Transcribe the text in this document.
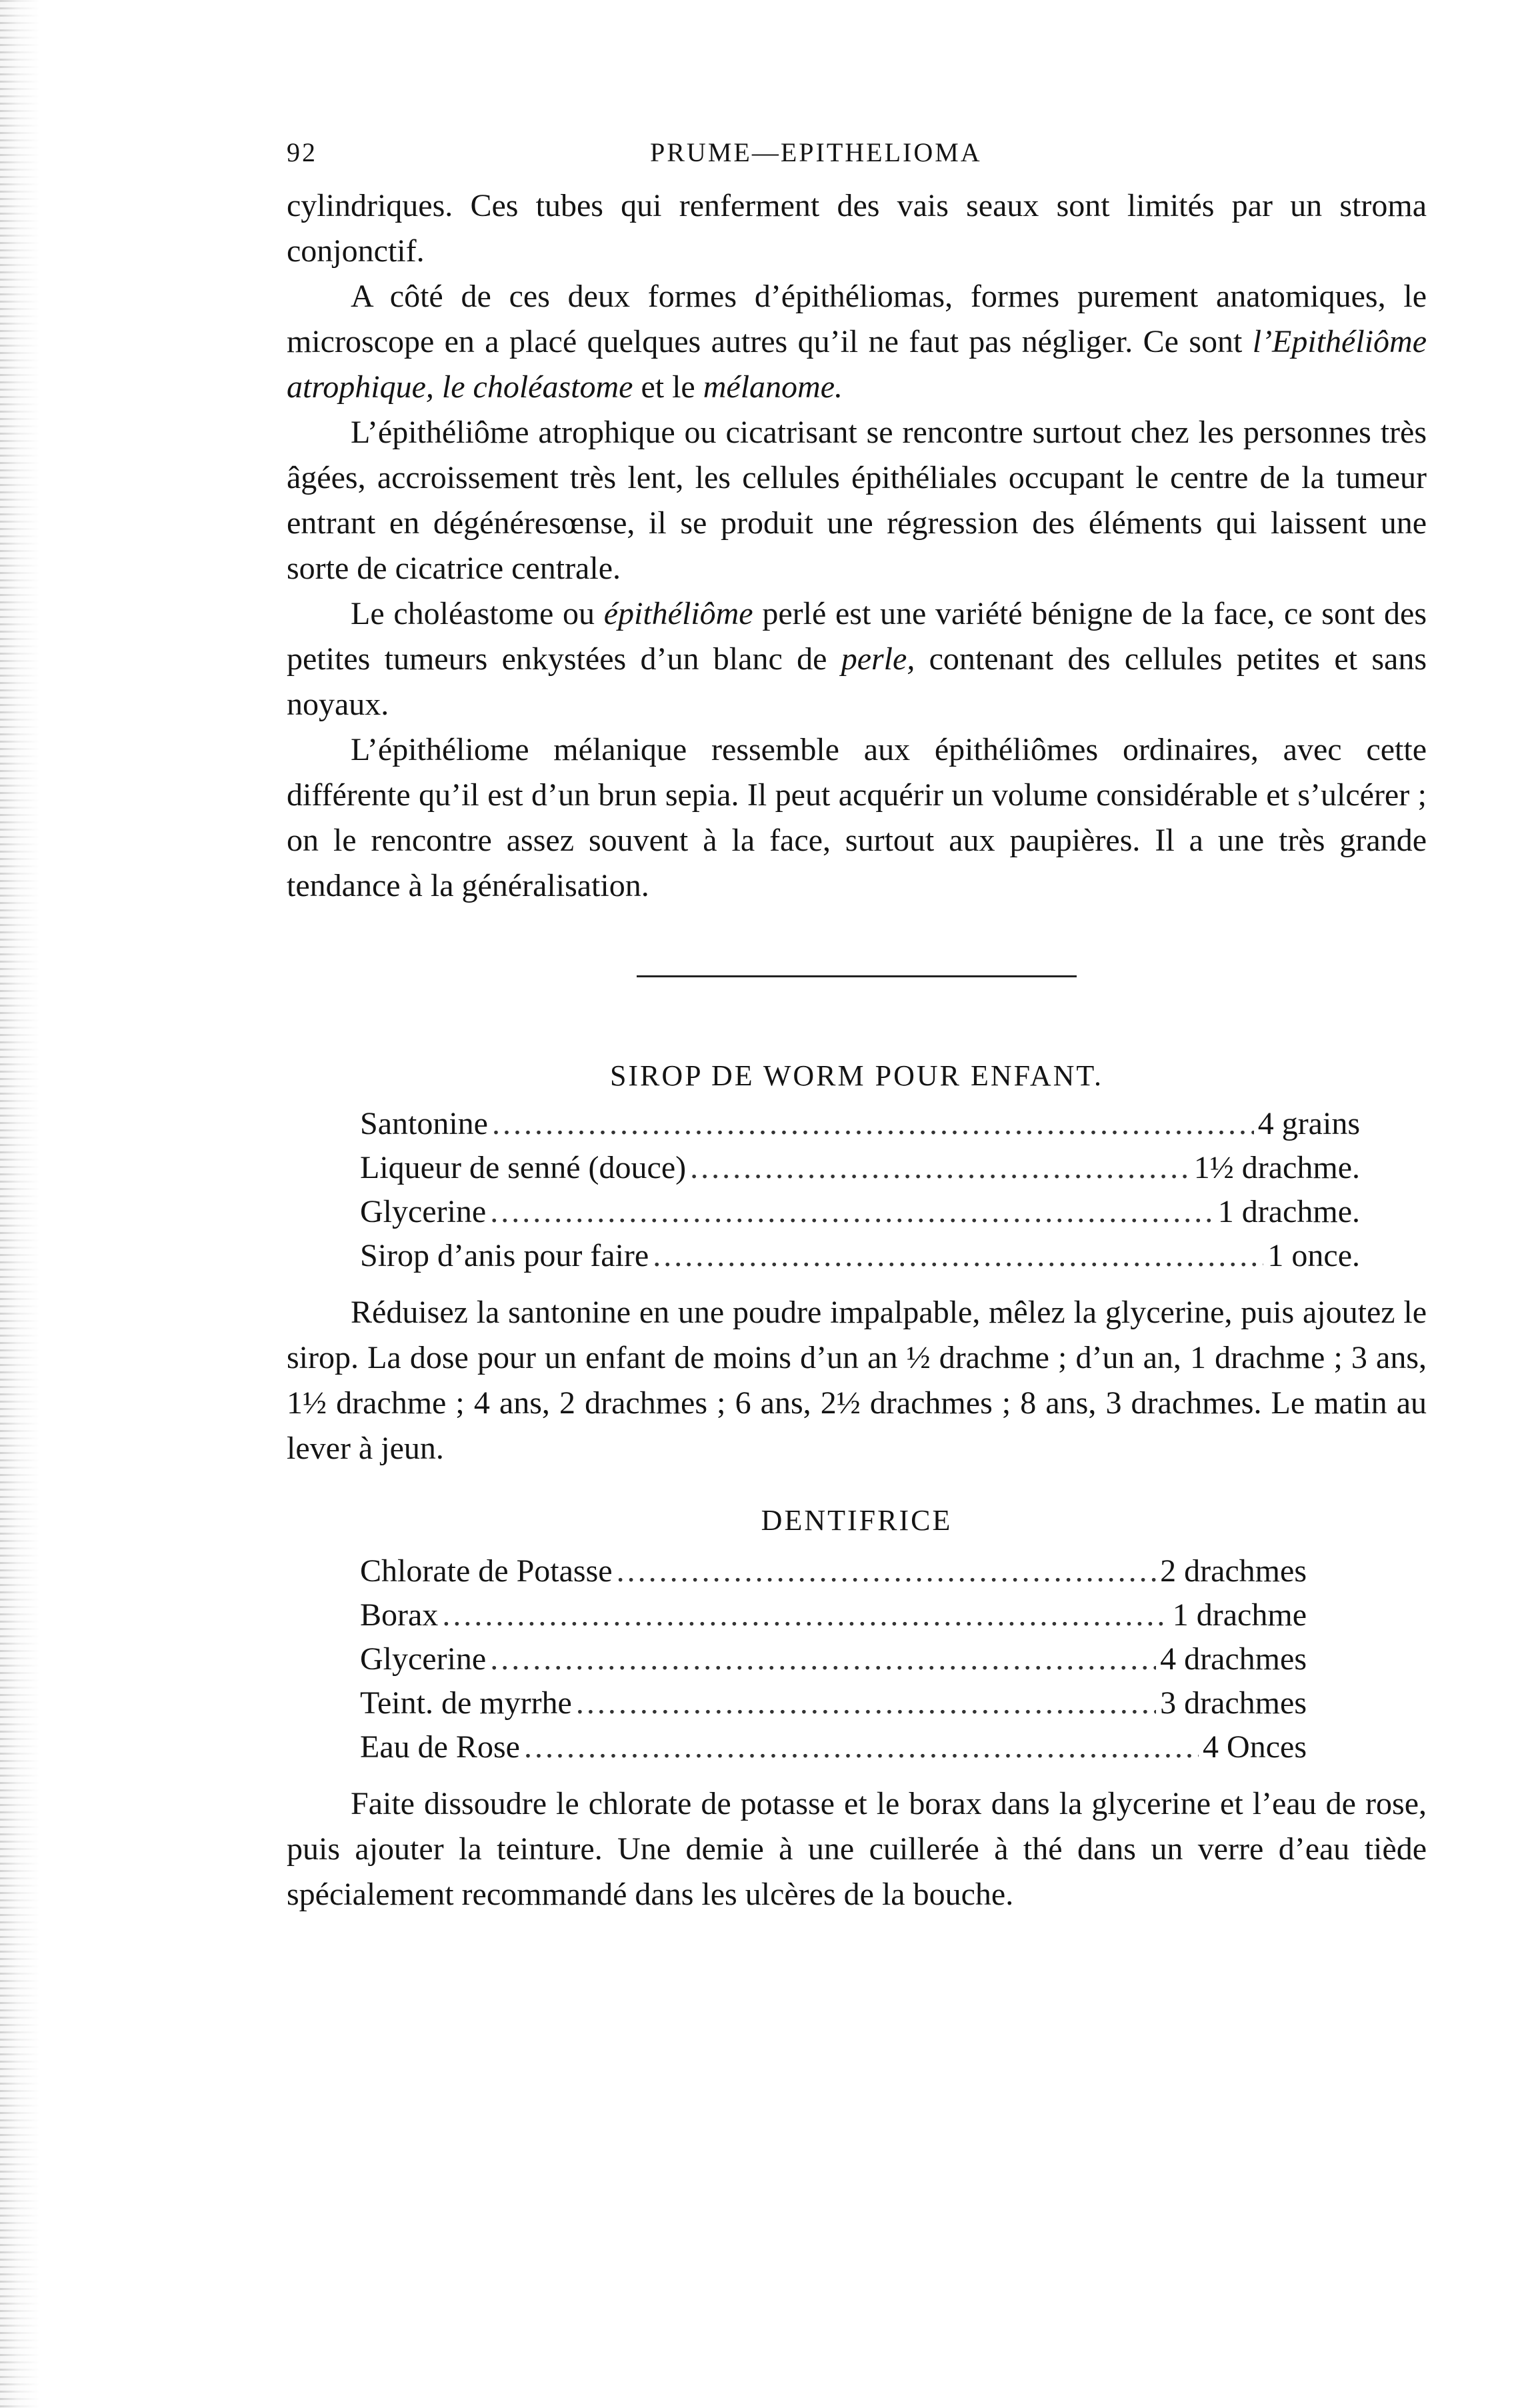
92	PRUME—EPITHELIOMA

cylindriques. Ces tubes qui renferment des vais seaux sont limités par un stroma conjonctif.

A côté de ces deux formes d’épithéliomas, formes purement anatomiques, le microscope en a placé quelques autres qu’il ne faut pas négliger. Ce sont l’Epithéliôme atrophique, le choléastome et le mélanome.

L’épithéliôme atrophique ou cicatrisant se rencontre surtout chez les personnes très âgées, accroissement très lent, les cellules épithéliales occupant le centre de la tumeur entrant en dégénéresœnse, il se produit une régression des éléments qui laissent une sorte de cicatrice centrale.

Le choléastome ou épithéliôme perlé est une variété bénigne de la face, ce sont des petites tumeurs enkystées d’un blanc de perle, contenant des cellules petites et sans noyaux.

L’épithéliome mélanique ressemble aux épithéliômes ordinaires, avec cette différente qu’il est d’un brun sepia. Il peut acquérir un volume considérable et s’ulcérer ; on le rencontre assez souvent à la face, surtout aux paupières. Il a une très grande tendance à la généralisation.

SIROP DE WORM POUR ENFANT.
Santonine . . .	4 grains
Liqueur de senné (douce) . . .	1½ drachme.
Glycerine . . .	1 drachme.
Sirop d’anis pour faire . . .	1 once.

Réduisez la santonine en une poudre impalpable, mêlez la glycerine, puis ajoutez le sirop. La dose pour un enfant de moins d’un an ½ drachme ; d’un an, 1 drachme ; 3 ans, 1½ drachme ; 4 ans, 2 drachmes ; 6 ans, 2½ drachmes ; 8 ans, 3 drachmes. Le matin au lever à jeun.

DENTIFRICE
Chlorate de Potasse . . .	2 drachmes
Borax . . .	1 drachme
Glycerine . . .	4 drachmes
Teint. de myrrhe . . .	3 drachmes
Eau de Rose . . .	4 Onces

Faite dissoudre le chlorate de potasse et le borax dans la glycerine et l’eau de rose, puis ajouter la teinture. Une demie à une cuillerée à thé dans un verre d’eau tiède spécialement recommandé dans les ulcères de la bouche.
